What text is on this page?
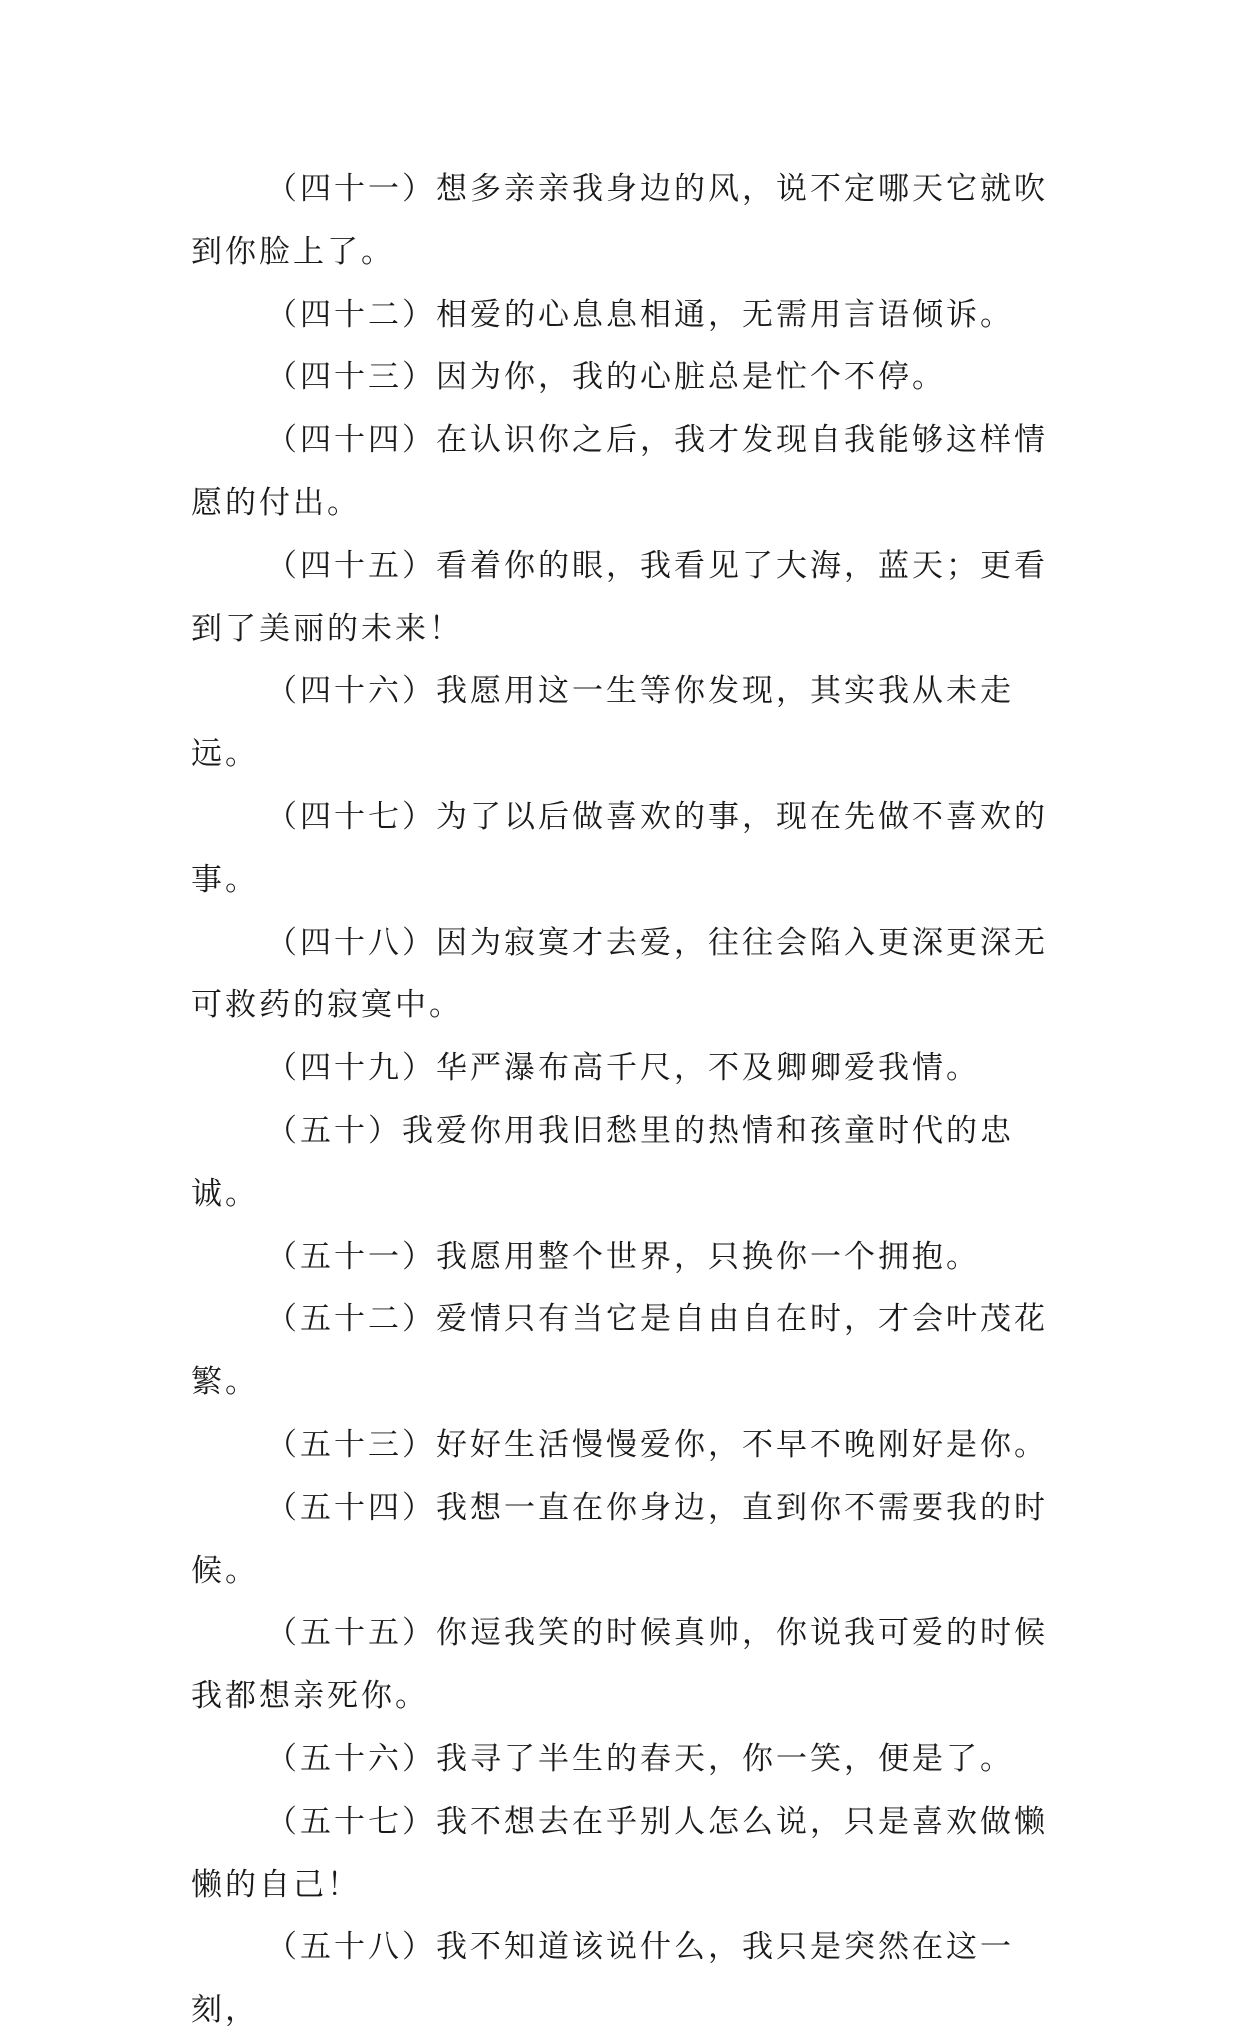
（四十一）想多亲亲我身边的风，说不定哪天它就吹到你脸上了。

（四十二）相爱的心息息相通，无需用言语倾诉。

（四十三）因为你，我的心脏总是忙个不停。

（四十四）在认识你之后，我才发现自我能够这样情愿的付出。

（四十五）看着你的眼，我看见了大海，蓝天；更看到了美丽的未来！

（四十六）我愿用这一生等你发现，其实我从未走远。

（四十七）为了以后做喜欢的事，现在先做不喜欢的事。

（四十八）因为寂寞才去爱，往往会陷入更深更深无可救药的寂寞中。

（四十九）华严瀑布高千尺，不及卿卿爱我情。

（五十）我爱你用我旧愁里的热情和孩童时代的忠诚。

（五十一）我愿用整个世界，只换你一个拥抱。

（五十二）爱情只有当它是自由自在时，才会叶茂花繁。

（五十三）好好生活慢慢爱你，不早不晚刚好是你。

（五十四）我想一直在你身边，直到你不需要我的时候。

（五十五）你逗我笑的时候真帅，你说我可爱的时候我都想亲死你。

（五十六）我寻了半生的春天，你一笑，便是了。

（五十七）我不想去在乎别人怎么说，只是喜欢做懒懒的自己！

（五十八）我不知道该说什么，我只是突然在这一刻，
